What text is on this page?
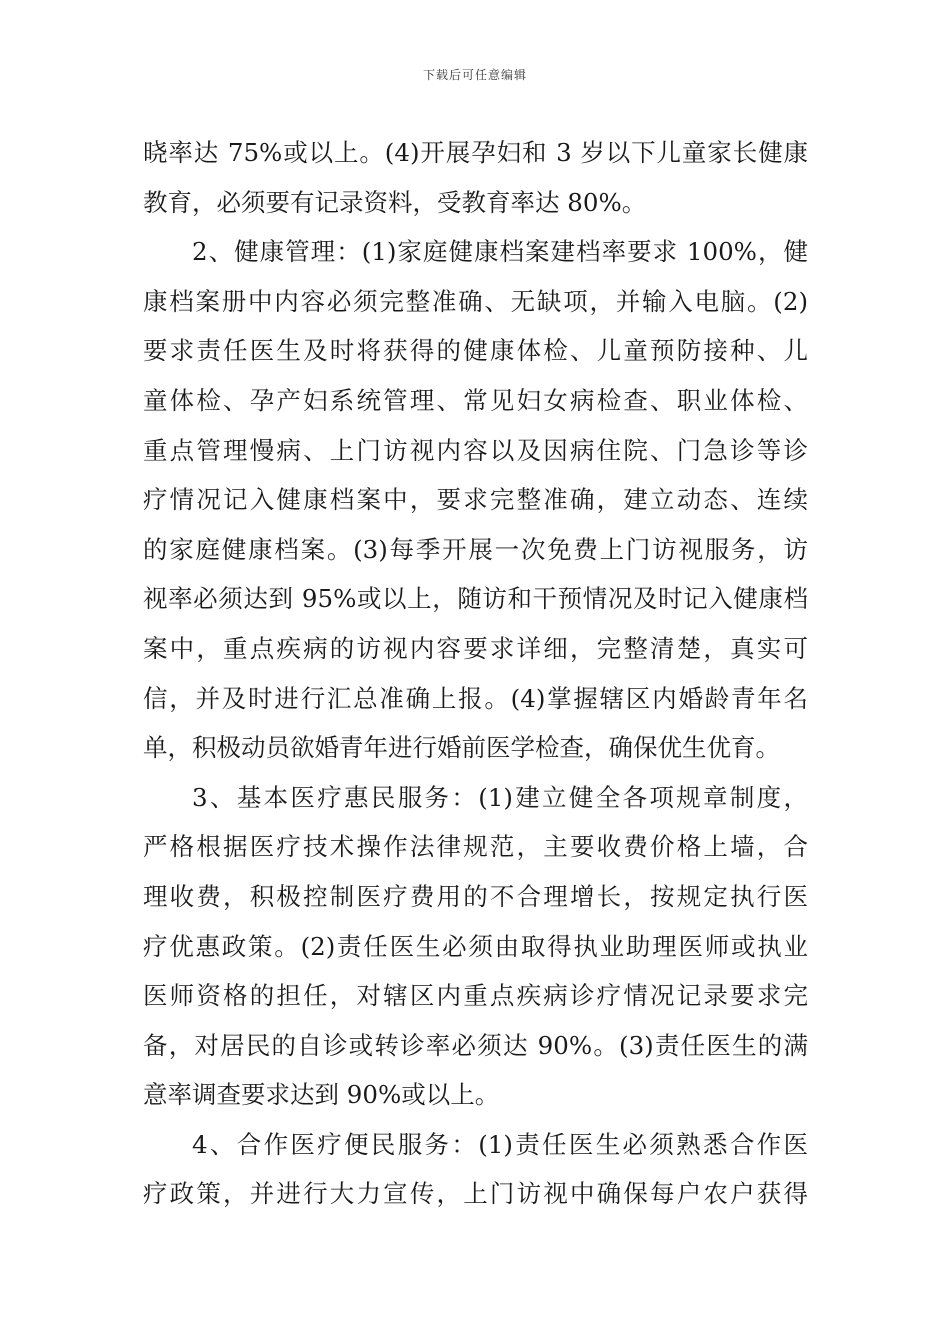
下载后可任意编辑
晓率达 75%或以上。(4)开展孕妇和 3 岁以下儿童家长健康
教育，必须要有记录资料，受教育率达 80%。
2、健康管理：(1)家庭健康档案建档率要求 100%，健
康档案册中内容必须完整准确、无缺项，并输入电脑。(2)
要求责任医生及时将获得的健康体检、儿童预防接种、儿
童体检、孕产妇系统管理、常见妇女病检查、职业体检、
重点管理慢病、上门访视内容以及因病住院、门急诊等诊
疗情况记入健康档案中，要求完整准确，建立动态、连续
的家庭健康档案。(3)每季开展一次免费上门访视服务，访
视率必须达到 95%或以上，随访和干预情况及时记入健康档
案中，重点疾病的访视内容要求详细，完整清楚，真实可
信，并及时进行汇总准确上报。(4)掌握辖区内婚龄青年名
单，积极动员欲婚青年进行婚前医学检查，确保优生优育。
3、基本医疗惠民服务：(1)建立健全各项规章制度，
严格根据医疗技术操作法律规范，主要收费价格上墙，合
理收费，积极控制医疗费用的不合理增长，按规定执行医
疗优惠政策。(2)责任医生必须由取得执业助理医师或执业
医师资格的担任，对辖区内重点疾病诊疗情况记录要求完
备，对居民的自诊或转诊率必须达 90%。(3)责任医生的满
意率调查要求达到 90%或以上。
4、合作医疗便民服务：(1)责任医生必须熟悉合作医
疗政策，并进行大力宣传，上门访视中确保每户农户获得
